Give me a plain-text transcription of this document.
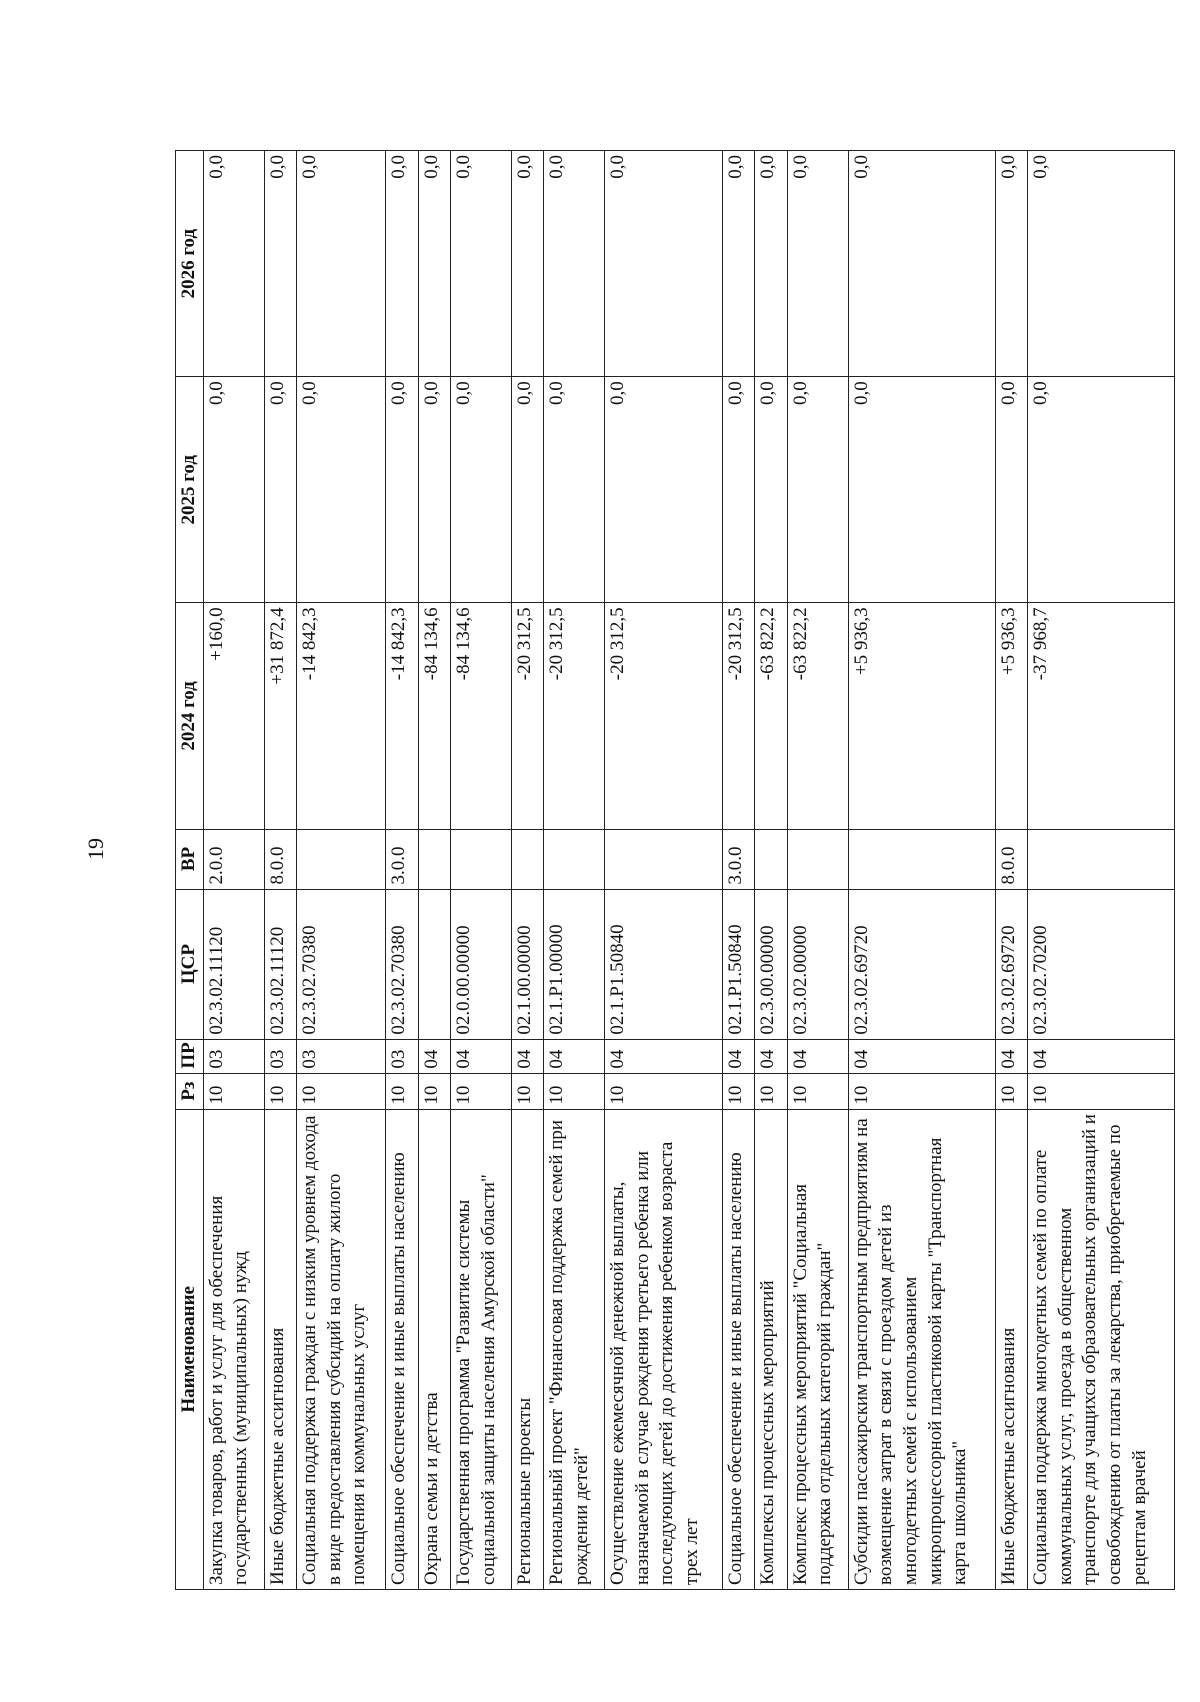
19
Наименование	Рз	ПР	ЦСР	ВР	2024 год	2025 год	2026 год
Закупка товаров, работ и услуг для обеспечения государственных (муниципальных) нужд	10	03	02.3.02.11120	2.0.0	+160,0	0,0	0,0
Иные бюджетные ассигнования	10	03	02.3.02.11120	8.0.0	+31 872,4	0,0	0,0
Социальная поддержка граждан с низким уровнем дохода в виде предоставления субсидий на оплату жилого помещения и коммунальных услуг	10	03	02.3.02.70380		-14 842,3	0,0	0,0
Социальное обеспечение и иные выплаты населению	10	03	02.3.02.70380	3.0.0	-14 842,3	0,0	0,0
Охрана семьи и детства	10	04			-84 134,6	0,0	0,0
Государственная программа "Развитие системы социальной защиты населения Амурской области"	10	04	02.0.00.00000		-84 134,6	0,0	0,0
Региональные проекты	10	04	02.1.00.00000		-20 312,5	0,0	0,0
Региональный проект "Финансовая поддержка семей при рождении детей"	10	04	02.1.P1.00000		-20 312,5	0,0	0,0
Осуществление ежемесячной денежной выплаты, назначаемой в случае рождения третьего ребенка или последующих детей до достижения ребенком возраста трех лет	10	04	02.1.P1.50840		-20 312,5	0,0	0,0
Социальное обеспечение и иные выплаты населению	10	04	02.1.P1.50840	3.0.0	-20 312,5	0,0	0,0
Комплексы процессных мероприятий	10	04	02.3.00.00000		-63 822,2	0,0	0,0
Комплекс процессных мероприятий "Социальная поддержка отдельных категорий граждан"	10	04	02.3.02.00000		-63 822,2	0,0	0,0
Субсидии пассажирским транспортным предприятиям на возмещение затрат в связи с проездом детей из многодетных семей с использованием микропроцессорной пластиковой карты "Транспортная карта школьника"	10	04	02.3.02.69720		+5 936,3	0,0	0,0
Иные бюджетные ассигнования	10	04	02.3.02.69720	8.0.0	+5 936,3	0,0	0,0
Социальная поддержка многодетных семей по оплате коммунальных услуг, проезда в общественном транспорте для учащихся образовательных организаций и освобождению от платы за лекарства, приобретаемые по рецептам врачей	10	04	02.3.02.70200		-37 968,7	0,0	0,0
